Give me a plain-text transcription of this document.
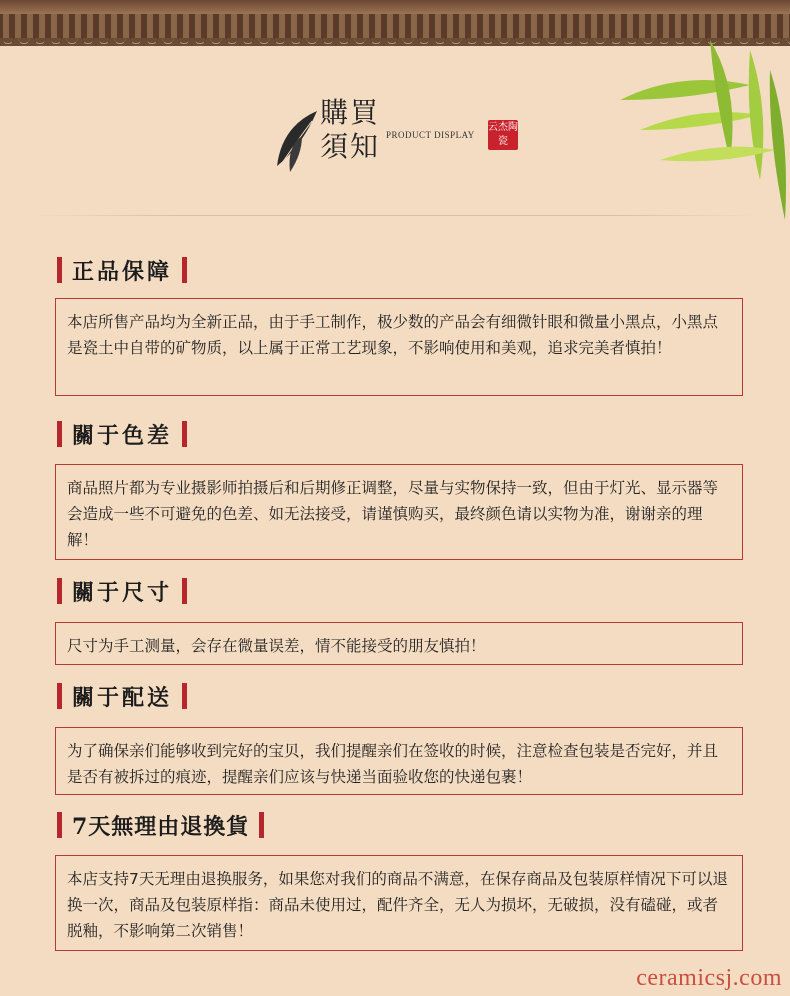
購買
須知 PRODUCT DISPLAY
云杰陶瓷
正品保障
本店所售产品均为全新正品，由于手工制作，极少数的产品会有细微针眼和微量小黑点，小黑点是瓷土中自带的矿物质，以上属于正常工艺现象，不影响使用和美观，追求完美者慎拍！
關于色差
商品照片都为专业摄影师拍摄后和后期修正调整，尽量与实物保持一致，但由于灯光、显示器等会造成一些不可避免的色差、如无法接受，请谨慎购买，最终颜色请以实物为准，谢谢亲的理解！
關于尺寸
尺寸为手工测量，会存在微量误差，情不能接受的朋友慎拍！
關于配送
为了确保亲们能够收到完好的宝贝，我们提醒亲们在签收的时候，注意检查包装是否完好，并且是否有被拆过的痕迹，提醒亲们应该与快递当面验收您的快递包裹！
7天無理由退換貨
本店支持7天无理由退换服务，如果您对我们的商品不满意，在保存商品及包装原样情况下可以退换一次，商品及包装原样指：商品未使用过，配件齐全，无人为损坏，无破损，没有磕碰，或者脱釉，不影响第二次销售！
ceramicsj.com
